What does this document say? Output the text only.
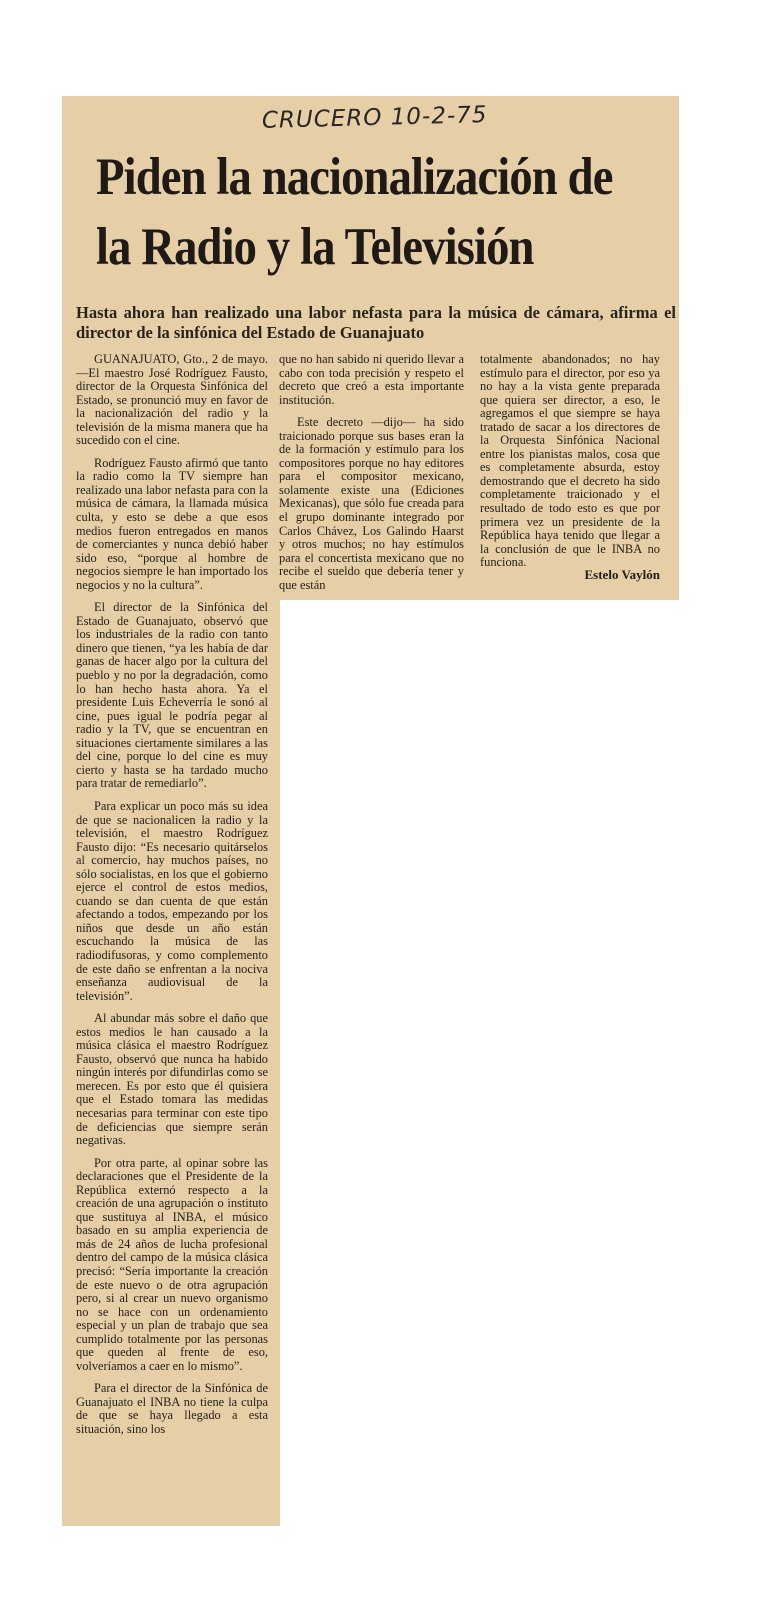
CRUCERO 10-2-75
Piden la nacionalización de
la Radio y la Televisión

Hasta ahora han realizado una labor nefasta para la música de cámara, afirma el director de la sinfónica del Estado de Guanajuato

GUANAJUATO, Gto., 2 de mayo.—El maestro José Rodríguez Fausto, director de la Orquesta Sinfónica del Estado, se pronunció muy en favor de la nacionalización del radio y la televisión de la misma manera que ha sucedido con el cine.

Rodríguez Fausto afirmó que tanto la radio como la TV siempre han realizado una labor nefasta para con la música de cámara, la llamada música culta, y esto se debe a que esos medios fueron entregados en manos de comerciantes y nunca debió haber sido eso, “porque al hombre de negocios siempre le han importado los negocios y no la cultura”.

El director de la Sinfónica del Estado de Guanajuato, observó que los industriales de la radio con tanto dinero que tienen, “ya les había de dar ganas de hacer algo por la cultura del pueblo y no por la degradación, como lo han hecho hasta ahora. Ya el presidente Luis Echeverría le sonó al cine, pues igual le podría pegar al radio y la TV, que se encuentran en situaciones ciertamente similares a las del cine, porque lo del cine es muy cierto y hasta se ha tardado mucho para tratar de remediarlo”.

Para explicar un poco más su idea de que se nacionalicen la radio y la televisión, el maestro Rodríguez Fausto dijo: “Es necesario quitárselos al comercio, hay muchos países, no sólo socialistas, en los que el gobierno ejerce el control de estos medios, cuando se dan cuenta de que están afectando a todos, empezando por los niños que desde un año están escuchando la música de las radiodifusoras, y como complemento de este daño se enfrentan a la nociva enseñanza audiovisual de la televisión”.

Al abundar más sobre el daño que estos medios le han causado a la música clásica el maestro Rodríguez Fausto, observó que nunca ha habido ningún interés por difundirlas como se merecen. Es por esto que él quisiera que el Estado tomara las medidas necesarias para terminar con este tipo de deficiencias que siempre serán negativas.

Por otra parte, al opinar sobre las declaraciones que el Presidente de la República externó respecto a la creación de una agrupación o instituto que sustituya al INBA, el músico basado en su amplia experiencia de más de 24 años de lucha profesional dentro del campo de la música clásica precisó: “Sería importante la creación de este nuevo o de otra agrupación pero, si al crear un nuevo organismo no se hace con un ordenamiento especial y un plan de trabajo que sea cumplido totalmente por las personas que queden al frente de eso, volveríamos a caer en lo mismo”.

Para el director de la Sinfónica de Guanajuato el INBA no tiene la culpa de que se haya llegado a esta situación, sino los

que no han sabido ni querido llevar a cabo con toda precisión y respeto el decreto que creó a esta importante institución.

Este decreto —dijo— ha sido traicionado porque sus bases eran la de la formación y estímulo para los compositores porque no hay editores para el compositor mexicano, solamente existe una (Ediciones Mexicanas), que sólo fue creada para el grupo dominante integrado por Carlos Chávez, Los Galindo Haarst y otros muchos; no hay estímulos para el concertista mexicano que no recibe el sueldo que debería tener y que están

totalmente abandonados; no hay estímulo para el director, por eso ya no hay a la vista gente preparada que quiera ser director, a eso, le agregamos el que siempre se haya tratado de sacar a los directores de la Orquesta Sinfónica Nacional entre los pianistas malos, cosa que es completamente absurda, estoy demostrando que el decreto ha sido completamente traicionado y el resultado de todo esto es que por primera vez un presidente de la República haya tenido que llegar a la conclusión de que le INBA no funciona.

Estelo Vaylón
